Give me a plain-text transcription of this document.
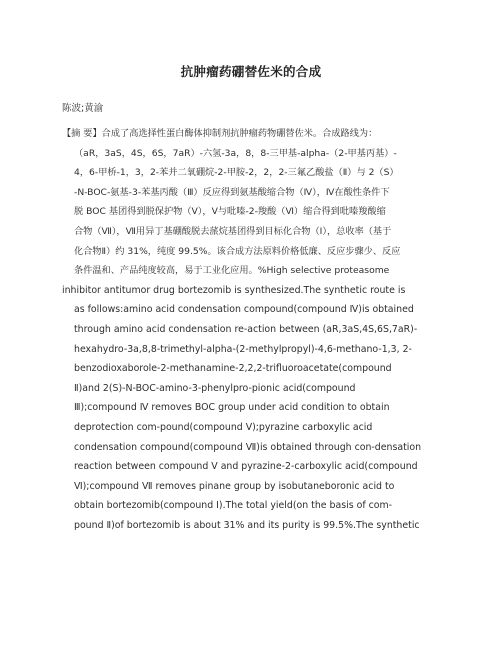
抗肿瘤药硼替佐米的合成
陈波;黄渝
【摘 要】合成了高选择性蛋白酶体抑制剂抗肿瘤药物硼替佐米。合成路线为：
（aR，3aS，4S，6S，7aR）-六氢-3a，8，8-三甲基-alpha-（2-甲基丙基）-
4，6-甲桥-1，3，2-苯并二氧硼烷-2-甲胺-2，2，2-三氟乙酸盐（Ⅱ）与 2（S）
-N-BOC-氨基-3-苯基丙酸（Ⅲ）反应得到氨基酸缩合物（Ⅳ），Ⅳ在酸性条件下
脱 BOC 基团得到脱保护物（Ⅴ），Ⅴ与吡嗪-2-羧酸（Ⅵ）缩合得到吡嗪羧酸缩
合物（Ⅶ），Ⅶ用异丁基硼酸脱去蒎烷基团得到目标化合物（Ⅰ），总收率（基于
化合物Ⅱ）约 31%，纯度 99.5%。该合成方法原料价格低廉、反应步骤少、反应
条件温和、产品纯度较高，易于工业化应用。%High selective proteasome
inhibitor antitumor drug bortezomib is synthesized.The synthetic route is
as follows:amino acid condensation compound(compound Ⅳ)is obtained
through amino acid condensation re-action between (aR,3aS,4S,6S,7aR)-
hexahydro-3a,8,8-trimethyl-alpha-(2-methylpropyl)-4,6-methano-1,3, 2-
benzodioxaborole-2-methanamine-2,2,2-trifluoroacetate(compound
Ⅱ)and 2(S)-N-BOC-amino-3-phenylpro-pionic acid(compound
Ⅲ);compound Ⅳ removes BOC group under acid condition to obtain
deprotection com-pound(compound Ⅴ);pyrazine carboxylic acid
condensation compound(compound Ⅶ)is obtained through con-densation
reaction between compound Ⅴ and pyrazine-2-carboxylic acid(compound
Ⅵ);compound Ⅶ removes pinane group by isobutaneboronic acid to
obtain bortezomib(compound Ⅰ).The total yield(on the basis of com-
pound Ⅱ)of bortezomib is about 31% and its purity is 99.5%.The synthetic
